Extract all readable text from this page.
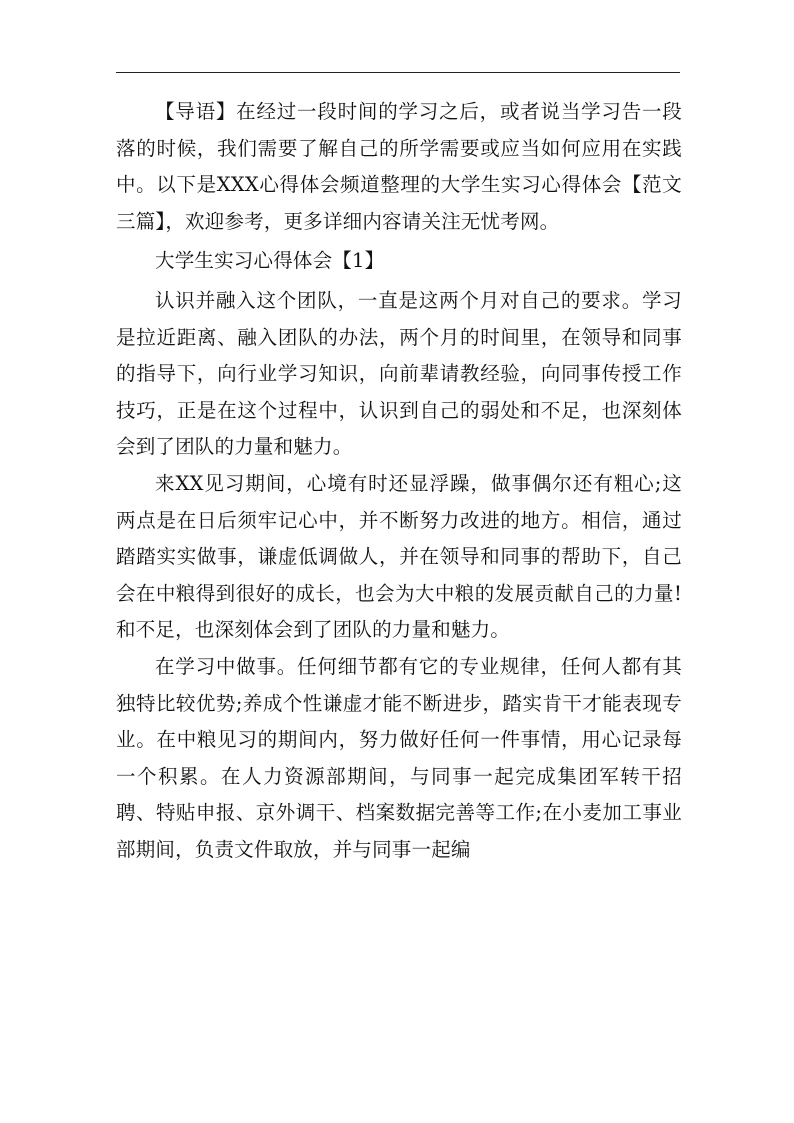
【导语】在经过一段时间的学习之后，或者说当学习告一段落的时候，我们需要了解自己的所学需要或应当如何应用在实践中。以下是XXX心得体会频道整理的大学生实习心得体会【范文三篇】，欢迎参考，更多详细内容请关注无忧考网。

大学生实习心得体会【1】

认识并融入这个团队，一直是这两个月对自己的要求。学习是拉近距离、融入团队的办法，两个月的时间里，在领导和同事的指导下，向行业学习知识，向前辈请教经验，向同事传授工作技巧，正是在这个过程中，认识到自己的弱处和不足，也深刻体会到了团队的力量和魅力。

来XX见习期间，心境有时还显浮躁，做事偶尔还有粗心;这两点是在日后须牢记心中，并不断努力改进的地方。相信，通过踏踏实实做事，谦虚低调做人，并在领导和同事的帮助下，自己会在中粮得到很好的成长，也会为大中粮的发展贡献自己的力量!和不足，也深刻体会到了团队的力量和魅力。

在学习中做事。任何细节都有它的专业规律，任何人都有其独特比较优势;养成个性谦虚才能不断进步，踏实肯干才能表现专业。在中粮见习的期间内，努力做好任何一件事情，用心记录每一个积累。在人力资源部期间，与同事一起完成集团军转干招聘、特贴申报、京外调干、档案数据完善等工作;在小麦加工事业部期间，负责文件取放，并与同事一起编
